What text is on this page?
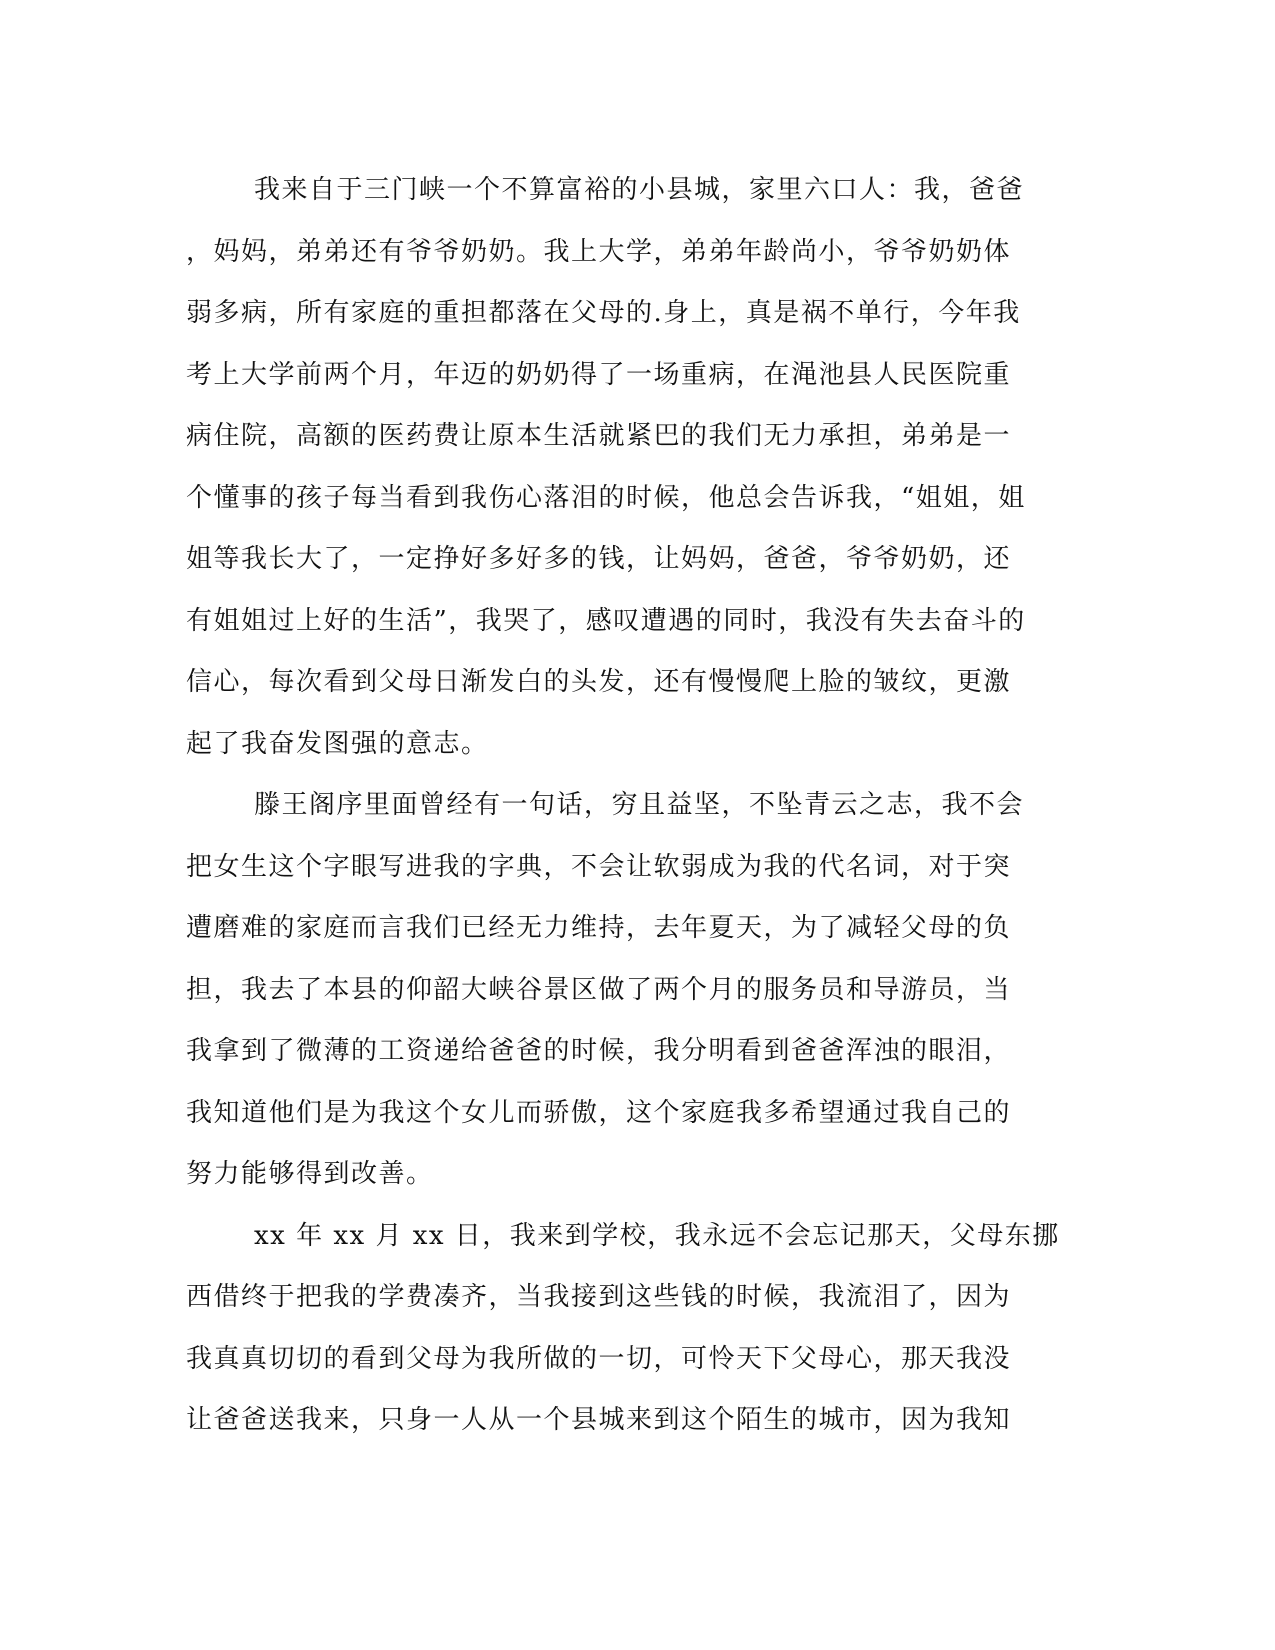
我来自于三门峡一个不算富裕的小县城，家里六口人：我，爸爸
，妈妈，弟弟还有爷爷奶奶。我上大学，弟弟年龄尚小，爷爷奶奶体
弱多病，所有家庭的重担都落在父母的.身上，真是祸不单行，今年我
考上大学前两个月，年迈的奶奶得了一场重病，在渑池县人民医院重
病住院，高额的医药费让原本生活就紧巴的我们无力承担，弟弟是一
个懂事的孩子每当看到我伤心落泪的时候，他总会告诉我，“姐姐，姐
姐等我长大了，一定挣好多好多的钱，让妈妈，爸爸，爷爷奶奶，还
有姐姐过上好的生活”，我哭了，感叹遭遇的同时，我没有失去奋斗的
信心，每次看到父母日渐发白的头发，还有慢慢爬上脸的皱纹，更激
起了我奋发图强的意志。
滕王阁序里面曾经有一句话，穷且益坚，不坠青云之志，我不会
把女生这个字眼写进我的字典，不会让软弱成为我的代名词，对于突
遭磨难的家庭而言我们已经无力维持，去年夏天，为了减轻父母的负
担，我去了本县的仰韶大峡谷景区做了两个月的服务员和导游员，当
我拿到了微薄的工资递给爸爸的时候，我分明看到爸爸浑浊的眼泪，
我知道他们是为我这个女儿而骄傲，这个家庭我多希望通过我自己的
努力能够得到改善。
xx 年 xx 月 xx 日，我来到学校，我永远不会忘记那天，父母东挪
西借终于把我的学费凑齐，当我接到这些钱的时候，我流泪了，因为
我真真切切的看到父母为我所做的一切，可怜天下父母心，那天我没
让爸爸送我来，只身一人从一个县城来到这个陌生的城市，因为我知
